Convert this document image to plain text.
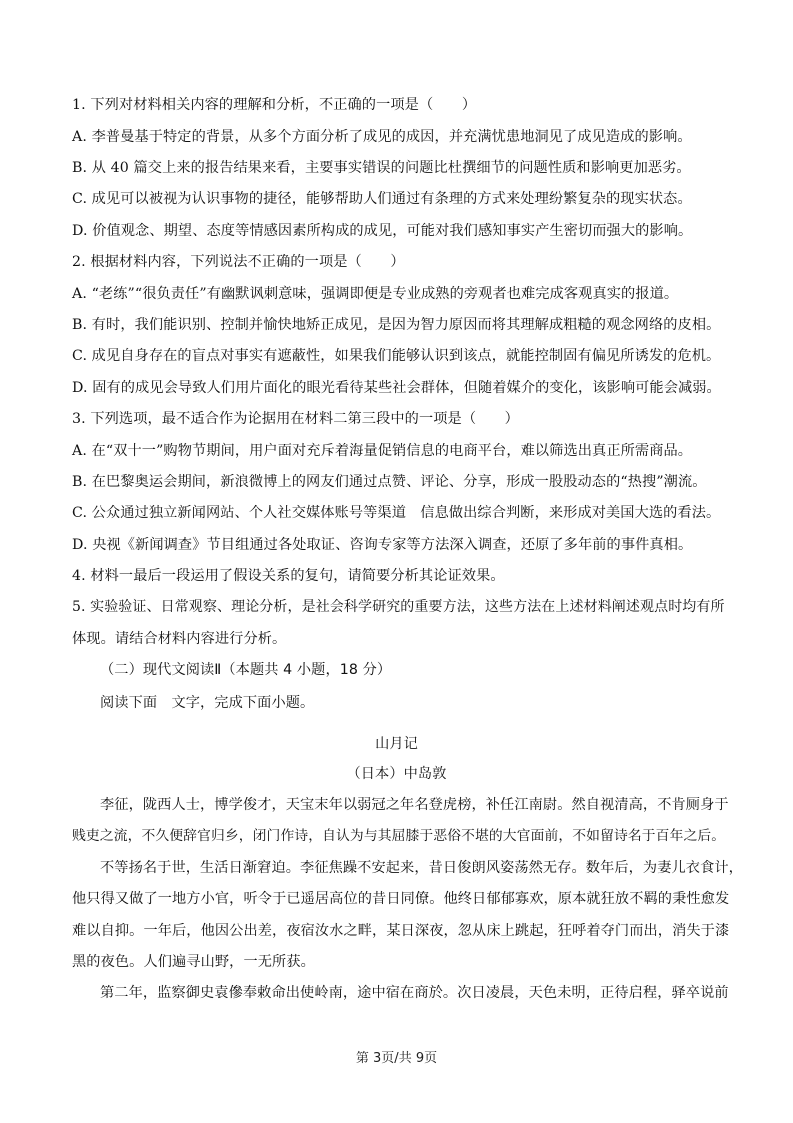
1. 下列对材料相关内容的理解和分析，不正确的一项是（　　）
A. 李普曼基于特定的背景，从多个方面分析了成见的成因，并充满忧患地洞见了成见造成的影响。
B. 从 40 篇交上来的报告结果来看，主要事实错误的问题比杜撰细节的问题性质和影响更加恶劣。
C. 成见可以被视为认识事物的捷径，能够帮助人们通过有条理的方式来处理纷繁复杂的现实状态。
D. 价值观念、期望、态度等情感因素所构成的成见，可能对我们感知事实产生密切而强大的影响。
2. 根据材料内容，下列说法不正确的一项是（　　）
A. “老练”“很负责任”有幽默讽刺意味，强调即便是专业成熟的旁观者也难完成客观真实的报道。
B. 有时，我们能识别、控制并愉快地矫正成见，是因为智力原因而将其理解成粗糙的观念网络的皮相。
C. 成见自身存在的盲点对事实有遮蔽性，如果我们能够认识到该点，就能控制固有偏见所诱发的危机。
D. 固有的成见会导致人们用片面化的眼光看待某些社会群体，但随着媒介的变化，该影响可能会减弱。
3. 下列选项，最不适合作为论据用在材料二第三段中的一项是（　　）
A. 在“双十一”购物节期间，用户面对充斥着海量促销信息的电商平台，难以筛选出真正所需商品。
B. 在巴黎奥运会期间，新浪微博上的网友们通过点赞、评论、分享，形成一股股动态的“热搜”潮流。
C. 公众通过独立新闻网站、个人社交媒体账号等渠道　信息做出综合判断，来形成对美国大选的看法。
D. 央视《新闻调查》节目组通过各处取证、咨询专家等方法深入调查，还原了多年前的事件真相。
4. 材料一最后一段运用了假设关系的复句，请简要分析其论证效果。
5. 实验验证、日常观察、理论分析，是社会科学研究的重要方法，这些方法在上述材料阐述观点时均有所
体现。请结合材料内容进行分析。
（二）现代文阅读Ⅱ（本题共 4 小题，18 分）
阅读下面　文字，完成下面小题。
山月记
（日本）中岛敦
李征，陇西人士，博学俊才，天宝末年以弱冠之年名登虎榜，补任江南尉。然自视清高，不肯厕身于
贱吏之流，不久便辞官归乡，闭门作诗，自认为与其屈膝于恶俗不堪的大官面前，不如留诗名于百年之后。
不等扬名于世，生活日渐窘迫。李征焦躁不安起来，昔日俊朗风姿荡然无存。数年后，为妻儿衣食计，
他只得又做了一地方小官，听令于已遥居高位的昔日同僚。他终日郁郁寡欢，原本就狂放不羁的秉性愈发
难以自抑。一年后，他因公出差，夜宿汝水之畔，某日深夜，忽从床上跳起，狂呼着夺门而出，消失于漆
黑的夜色。人们遍寻山野，一无所获。
第二年，监察御史袁傪奉敕命出使岭南，途中宿在商於。次日凌晨，天色未明，正待启程，驿卒说前
第 3页/共 9页
